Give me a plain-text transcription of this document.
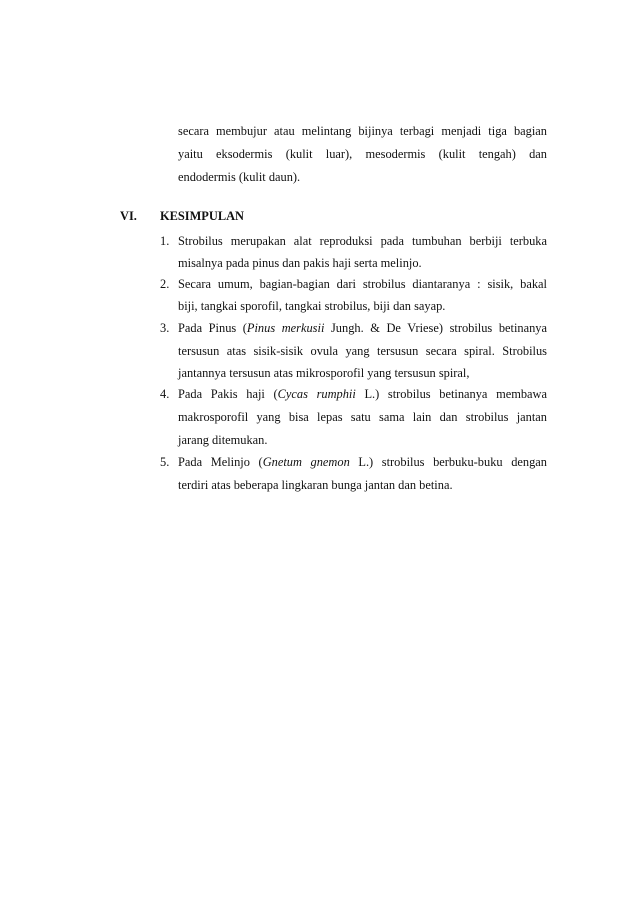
secara membujur atau melintang bijinya terbagi menjadi tiga bagian
yaitu eksodermis (kulit luar), mesodermis (kulit tengah) dan
endodermis (kulit daun).
VI. KESIMPULAN
1. Strobilus merupakan alat reproduksi pada tumbuhan berbiji terbuka
misalnya pada pinus dan pakis haji serta melinjo.
2. Secara umum, bagian-bagian dari strobilus diantaranya : sisik, bakal
biji, tangkai sporofil, tangkai strobilus, biji dan sayap.
3. Pada Pinus (Pinus merkusii Jungh. & De Vriese) strobilus betinanya
tersusun atas sisik-sisik ovula yang tersusun secara spiral. Strobilus
jantannya tersusun atas mikrosporofil yang tersusun spiral,
4. Pada Pakis haji (Cycas rumphii L.) strobilus betinanya membawa
makrosporofil yang bisa lepas satu sama lain dan strobilus jantan
jarang ditemukan.
5. Pada Melinjo (Gnetum gnemon L.) strobilus berbuku-buku dengan
terdiri atas beberapa lingkaran bunga jantan dan betina.
